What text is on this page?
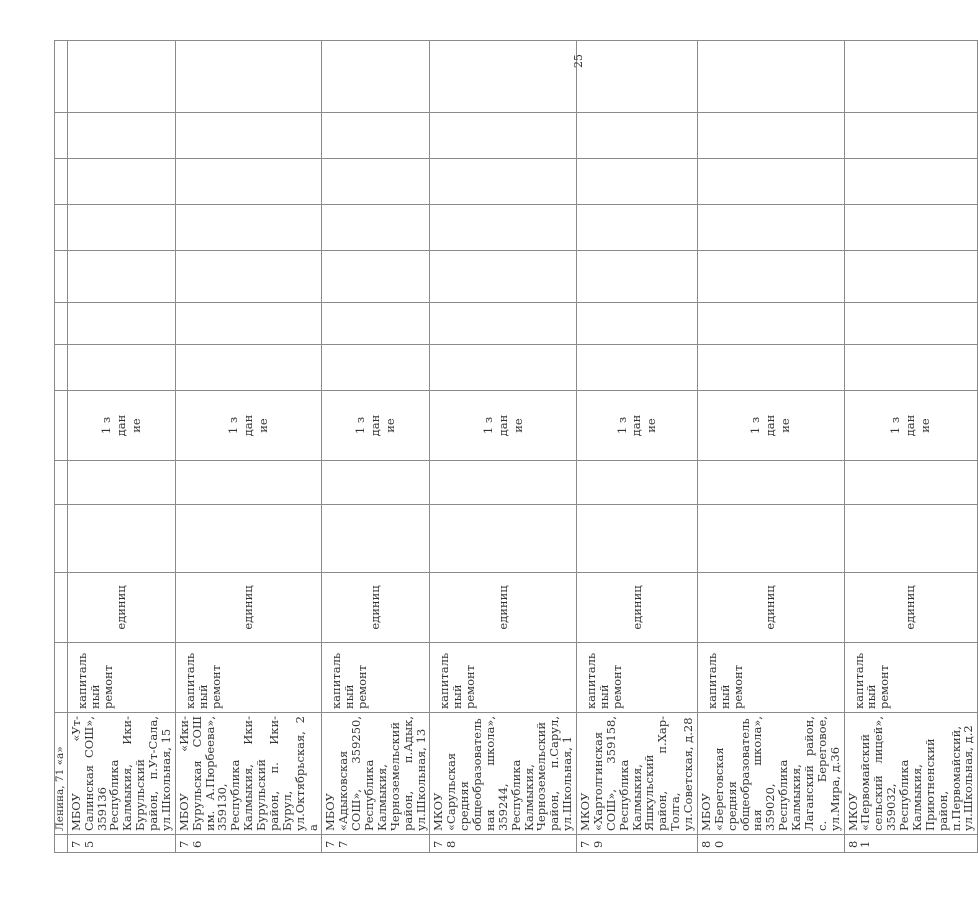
	Ленина, 71 «а»												
75	МБОУ «Ут-Салинская СОШ», 359136 Республика Калмыкия, Ики-Бурульский район, п.Ут-Сала, ул.Школьная, 15	капитальный ремонт	единиц			1 здание							
76	МБОУ «Ики-Бурульская СОШ им. А.Пюрбеева», 359130, Республика Калмыкия, Ики-Бурульский район, п. Ики-Бурул, ул.Октябрьская, 2 а	капитальный ремонт	единиц			1 здание							
77	МБОУ «Адыковская СОШ», 359250, Республика Калмыкия, Черноземельский район, п.Адык, ул.Школьная, 13	капитальный ремонт	единиц			1 здание							
78	МКОУ «Сарульская средняя общеобразовательная школа», 359244, Республика Калмыкия, Черноземельский район, п.Сарул, ул.Школьная, 1	капитальный ремонт	единиц			1 здание							
79	МКОУ «Хартолгинская СОШ», 359158, Республика Калмыкия, Яшкульский район, п.Хар-Толга, ул.Советская, д.28	капитальный ремонт	единиц			1 здание							
80	МБОУ «Береговская средняя общеобразовательная школа», 359020, Республика Калмыкия, Лаганский район, с. Береговое, ул.Мира, д.36	капитальный ремонт	единиц			1 здание							
81	МКОУ «Первомайский сельский лицей», 359032, Республика Калмыкия, Приютненский район, п.Первомайский, ул.Школьная, д.2	капитальный ремонт	единиц			1 здание							
25
